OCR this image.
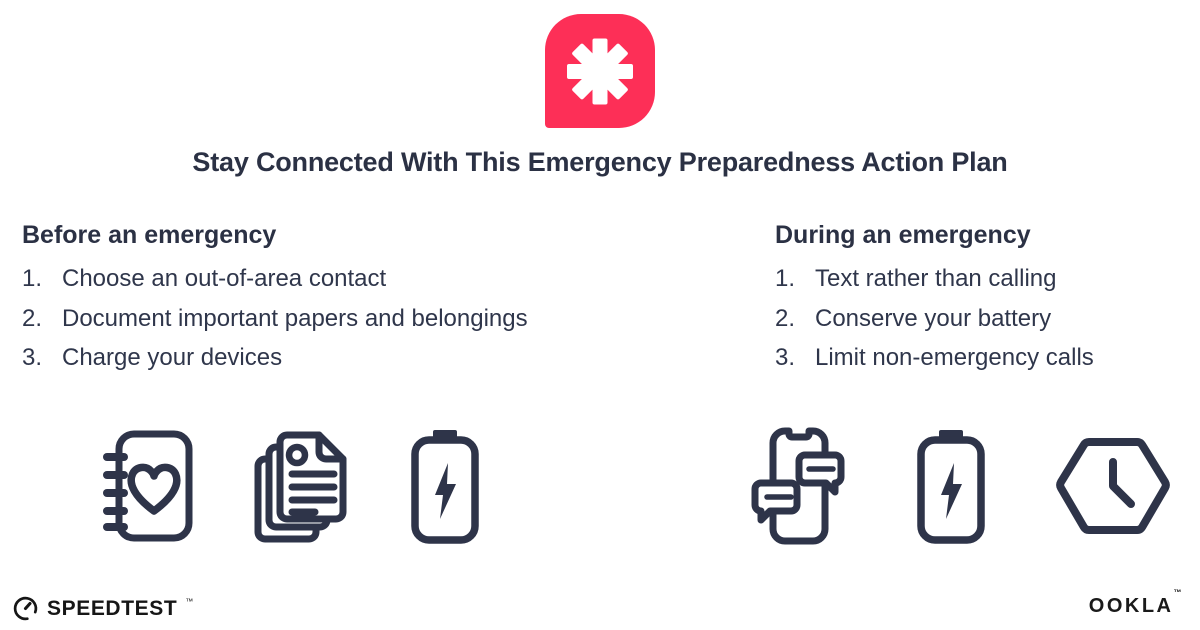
Stay Connected With This Emergency Preparedness Action Plan
Before an emergency
1. Choose an out-of-area contact
2. Document important papers and belongings
3. Charge your devices
During an emergency
1. Text rather than calling
2. Conserve your battery
3. Limit non-emergency calls
SPEEDTEST ™	OOKLA™
